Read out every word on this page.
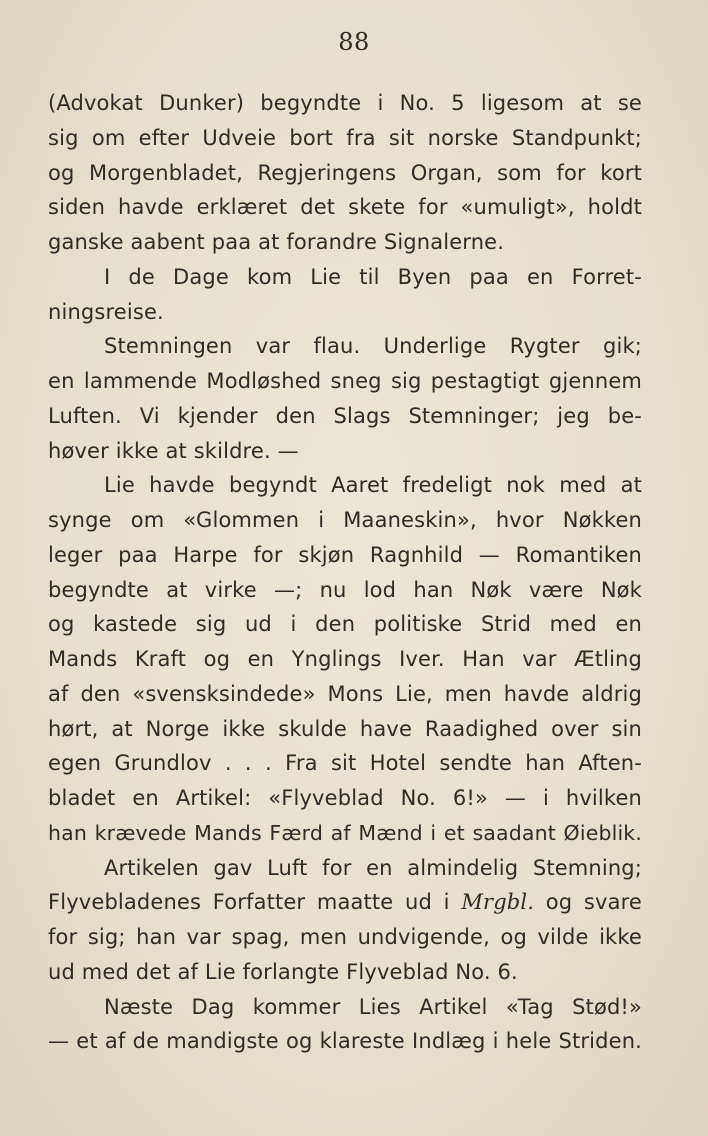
88
(Advokat Dunker) begyndte i No. 5 ligesom at se
sig om efter Udveie bort fra sit norske Standpunkt;
og Morgenbladet, Regjeringens Organ, som for kort
siden havde erklæret det skete for «umuligt», holdt
ganske aabent paa at forandre Signalerne.
I de Dage kom Lie til Byen paa en Forret-
ningsreise.
Stemningen var flau. Underlige Rygter gik;
en lammende Modløshed sneg sig pestagtigt gjennem
Luften. Vi kjender den Slags Stemninger; jeg be-
høver ikke at skildre. —
Lie havde begyndt Aaret fredeligt nok med at
synge om «Glommen i Maaneskin», hvor Nøkken
leger paa Harpe for skjøn Ragnhild — Romantiken
begyndte at virke —; nu lod han Nøk være Nøk
og kastede sig ud i den politiske Strid med en
Mands Kraft og en Ynglings Iver. Han var Ætling
af den «svensksindede» Mons Lie, men havde aldrig
hørt, at Norge ikke skulde have Raadighed over sin
egen Grundlov . . . Fra sit Hotel sendte han Aften-
bladet en Artikel: «Flyveblad No. 6!» — i hvilken
han krævede Mands Færd af Mænd i et saadant Øieblik.
Artikelen gav Luft for en almindelig Stemning;
Flyvebladenes Forfatter maatte ud i Mrgbl. og svare
for sig; han var spag, men undvigende, og vilde ikke
ud med det af Lie forlangte Flyveblad No. 6.
Næste Dag kommer Lies Artikel «Tag Stød!»
— et af de mandigste og klareste Indlæg i hele Striden.
